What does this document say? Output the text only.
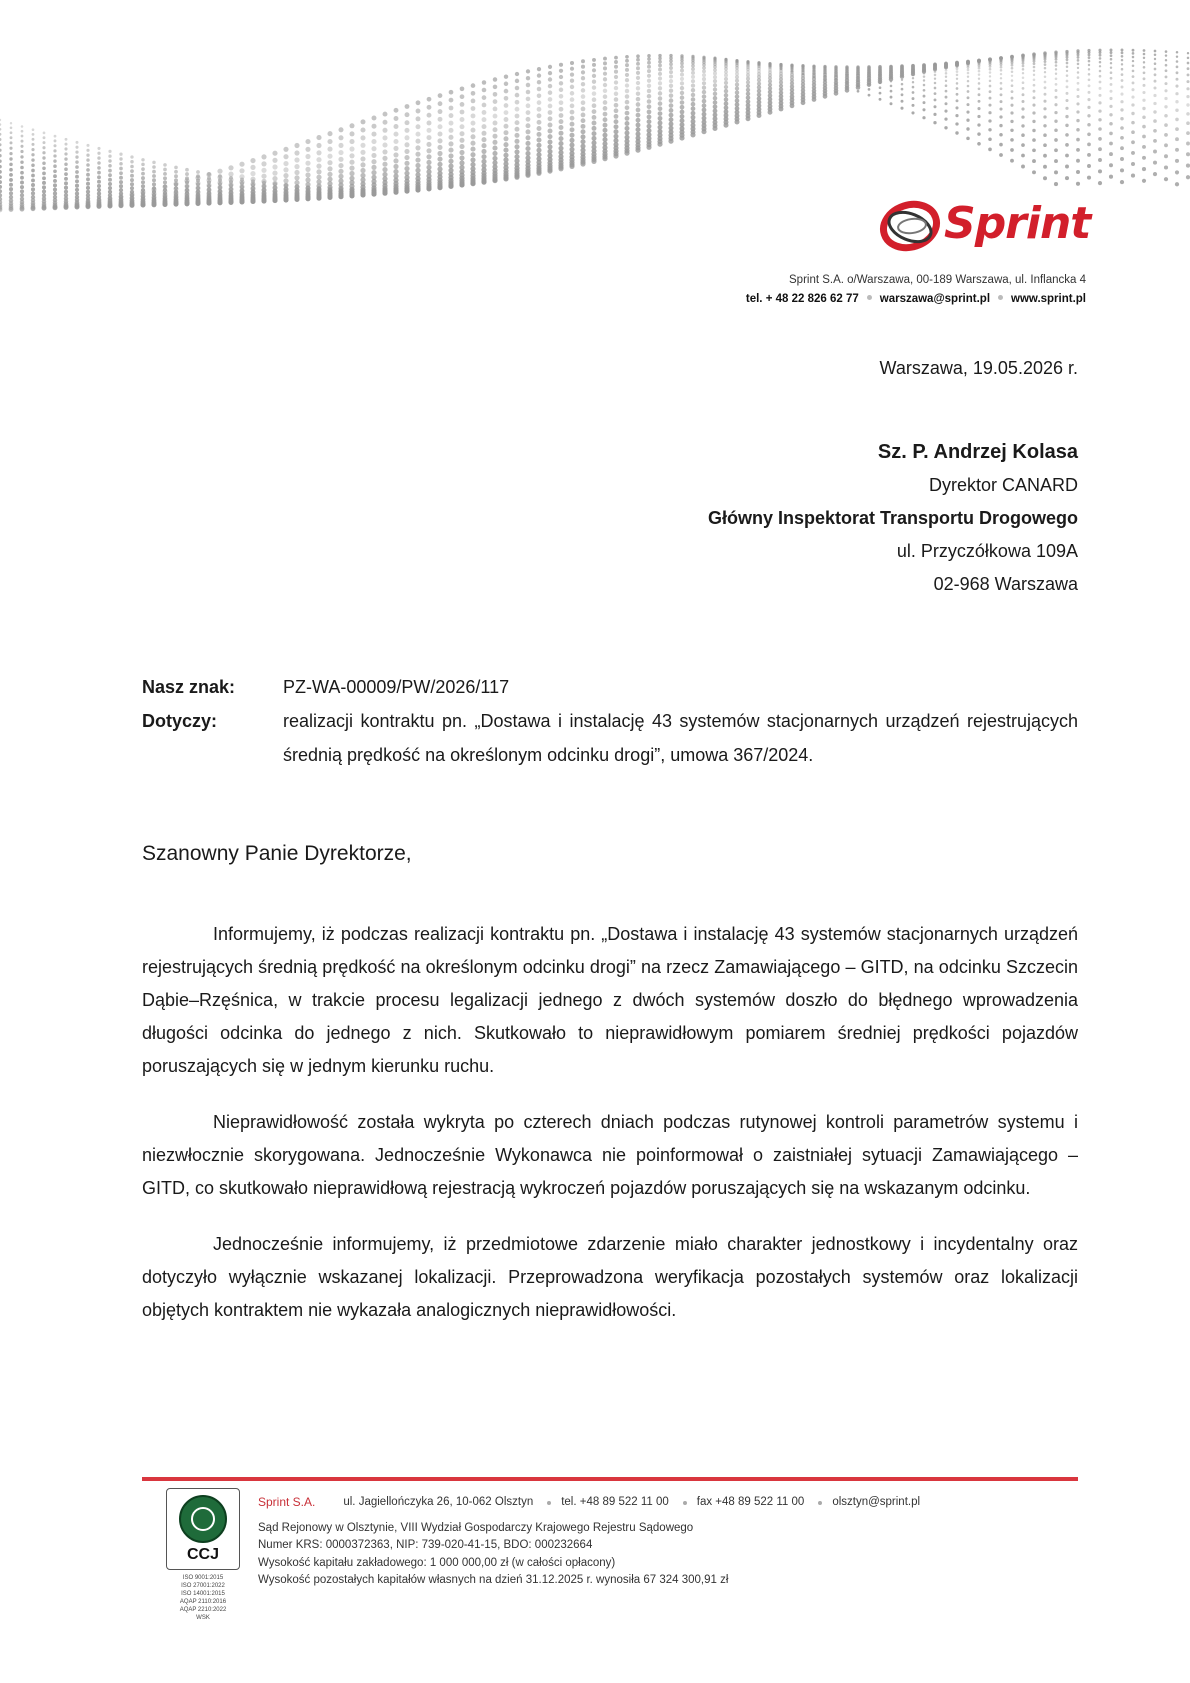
Sprint
Sprint S.A. o/Warszawa, 00-189 Warszawa, ul. Inflancka 4
tel. + 48 22 826 62 77 warszawa@sprint.pl www.sprint.pl
Warszawa, 19.05.2026 r.
Sz. P. Andrzej Kolasa
Dyrektor CANARD
Główny Inspektorat Transportu Drogowego
ul. Przyczółkowa 109A
02-968 Warszawa
Nasz znak:	PZ-WA-00009/PW/2026/117
Dotyczy:	realizacji kontraktu pn. „Dostawa i instalację 43 systemów stacjonarnych urządzeń rejestrujących średnią prędkość na określonym odcinku drogi”, umowa 367/2024.
Szanowny Panie Dyrektorze,

Informujemy, iż podczas realizacji kontraktu pn. „Dostawa i instalację 43 systemów stacjonarnych urządzeń rejestrujących średnią prędkość na określonym odcinku drogi” na rzecz Zamawiającego – GITD, na odcinku Szczecin Dąbie–Rzęśnica, w trakcie procesu legalizacji jednego z dwóch systemów doszło do błędnego wprowadzenia długości odcinka do jednego z nich. Skutkowało to nieprawidłowym pomiarem średniej prędkości pojazdów poruszających się w jednym kierunku ruchu.

Nieprawidłowość została wykryta po czterech dniach podczas rutynowej kontroli parametrów systemu i niezwłocznie skorygowana. Jednocześnie Wykonawca nie poinformował o zaistniałej sytuacji Zamawiającego – GITD, co skutkowało nieprawidłową rejestracją wykroczeń pojazdów poruszających się na wskazanym odcinku.

Jednocześnie informujemy, iż przedmiotowe zdarzenie miało charakter jednostkowy i incydentalny oraz dotyczyło wyłącznie wskazanej lokalizacji. Przeprowadzona weryfikacja pozostałych systemów oraz lokalizacji objętych kontraktem nie wykazała analogicznych nieprawidłowości.

CCJ
ISO 9001:2015
ISO 27001:2022
ISO 14001:2015
AQAP 2110:2016
AQAP 2210:2022
WSK
Sprint S.A. ul. Jagiellończyka 26, 10-062 Olsztyn tel. +48 89 522 11 00 fax +48 89 522 11 00 olsztyn@sprint.pl
Sąd Rejonowy w Olsztynie, VIII Wydział Gospodarczy Krajowego Rejestru Sądowego
Numer KRS: 0000372363, NIP: 739-020-41-15, BDO: 000232664
Wysokość kapitału zakładowego: 1 000 000,00 zł (w całości opłacony)
Wysokość pozostałych kapitałów własnych na dzień 31.12.2025 r. wynosiła 67 324 300,91 zł
